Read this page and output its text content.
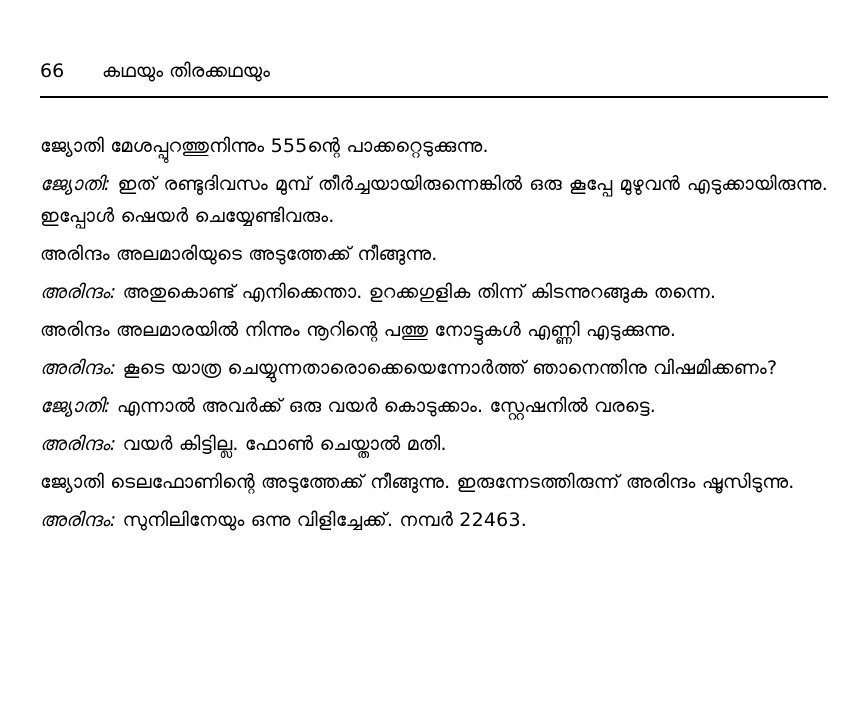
66 കഥയും തിരക്കഥയും

ജ്യോതി മേശപ്പുറത്തുനിന്നും 555ന്റെ പാക്കറ്റെടുക്കുന്നു.

ജ്യോതി: ഇത് രണ്ടുദിവസം മുമ്പ് തീർച്ചയായിരുന്നെങ്കിൽ ഒരു കൂപ്പേ മുഴുവൻ എടുക്കായിരുന്നു. ഇപ്പോൾ ഷെയർ ചെയ്യേണ്ടിവരും.

അരിന്ദം അലമാരിയുടെ അടുത്തേക്ക് നീങ്ങുന്നു.

അരിന്ദം: അതുകൊണ്ട് എനിക്കെന്താ. ഉറക്കഗുളിക തിന്ന് കിടന്നുറങ്ങുക തന്നെ.

അരിന്ദം അലമാരയിൽ നിന്നും നൂറിന്റെ പത്തു നോട്ടുകൾ എണ്ണി എടുക്കുന്നു.

അരിന്ദം: കൂടെ യാത്ര ചെയ്യുന്നതാരൊക്കെയെന്നോർത്ത് ഞാനെന്തിനു വിഷമിക്കണം?

ജ്യോതി: എന്നാൽ അവർക്ക് ഒരു വയർ കൊടുക്കാം. സ്റ്റേഷനിൽ വരട്ടെ.

അരിന്ദം: വയർ കിട്ടില്ല. ഫോൺ ചെയ്താൽ മതി.

ജ്യോതി ടെലഫോണിന്റെ അടുത്തേക്ക് നീങ്ങുന്നു. ഇരുന്നേടത്തിരുന്ന് അരിന്ദം ഷൂസിടുന്നു.

അരിന്ദം: സുനിലിനേയും ഒന്നു വിളിച്ചേക്ക്. നമ്പർ 22463.
